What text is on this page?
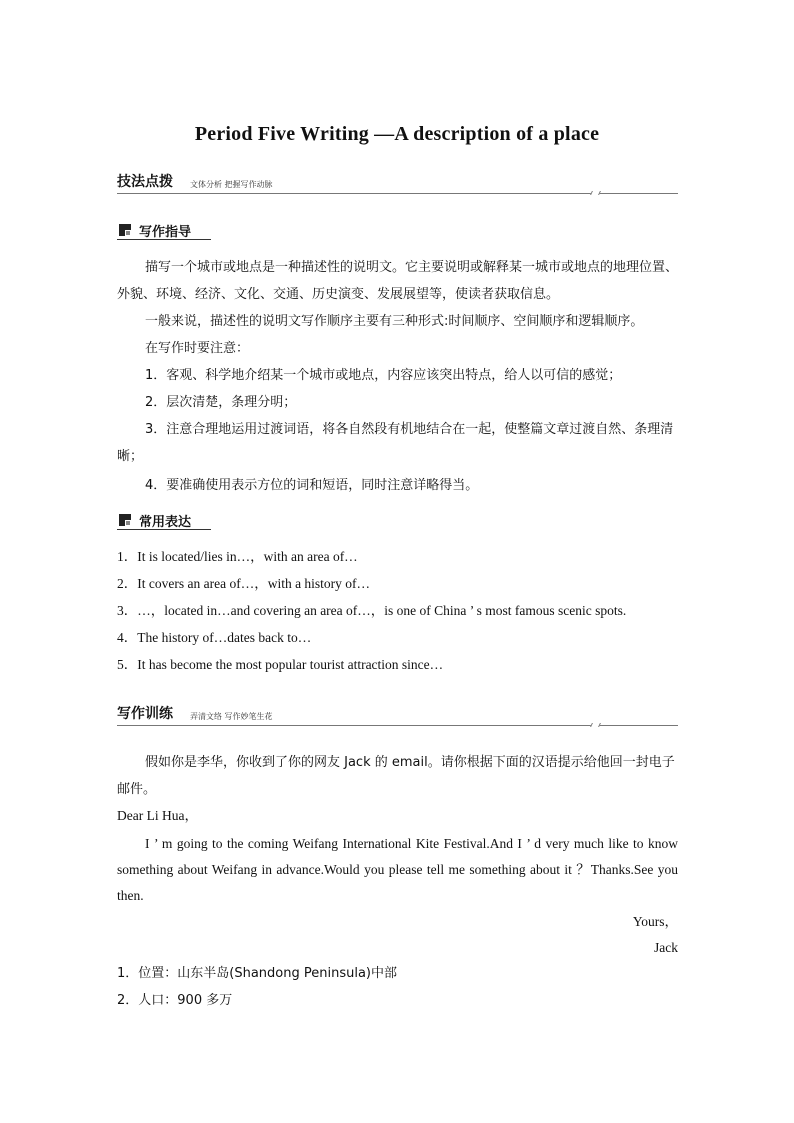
Period Five Writing —A description of a place
技法点拨 文体分析 把握写作动脉
写作指导
描写一个城市或地点是一种描述性的说明文。它主要说明或解释某一城市或地点的地理位置、外貌、环境、经济、文化、交通、历史演变、发展展望等，使读者获取信息。
一般来说，描述性的说明文写作顺序主要有三种形式:时间顺序、空间顺序和逻辑顺序。
在写作时要注意：
1．客观、科学地介绍某一个城市或地点，内容应该突出特点，给人以可信的感觉；
2．层次清楚，条理分明；
3．注意合理地运用过渡词语，将各自然段有机地结合在一起，使整篇文章过渡自然、条理清晰；
4．要准确使用表示方位的词和短语，同时注意详略得当。
常用表达
1．It is located/lies in…，with an area of…
2．It covers an area of…，with a history of…
3．…，located in…and covering an area of…，is one of China ’ s most famous scenic spots.
4．The history of…dates back to…
5．It has become the most popular tourist attraction since…
写作训练 弄清文络 写作妙笔生花
假如你是李华，你收到了你的网友 Jack 的 email。请你根据下面的汉语提示给他回一封电子邮件。
Dear Li Hua，
I ’ m going to the coming Weifang International Kite Festival.And I ’ d very much like to know something about Weifang in advance.Would you please tell me something about it ？Thanks.See you then.
Yours，
Jack
1．位置：山东半岛(Shandong Peninsula)中部
2．人口：900 多万
